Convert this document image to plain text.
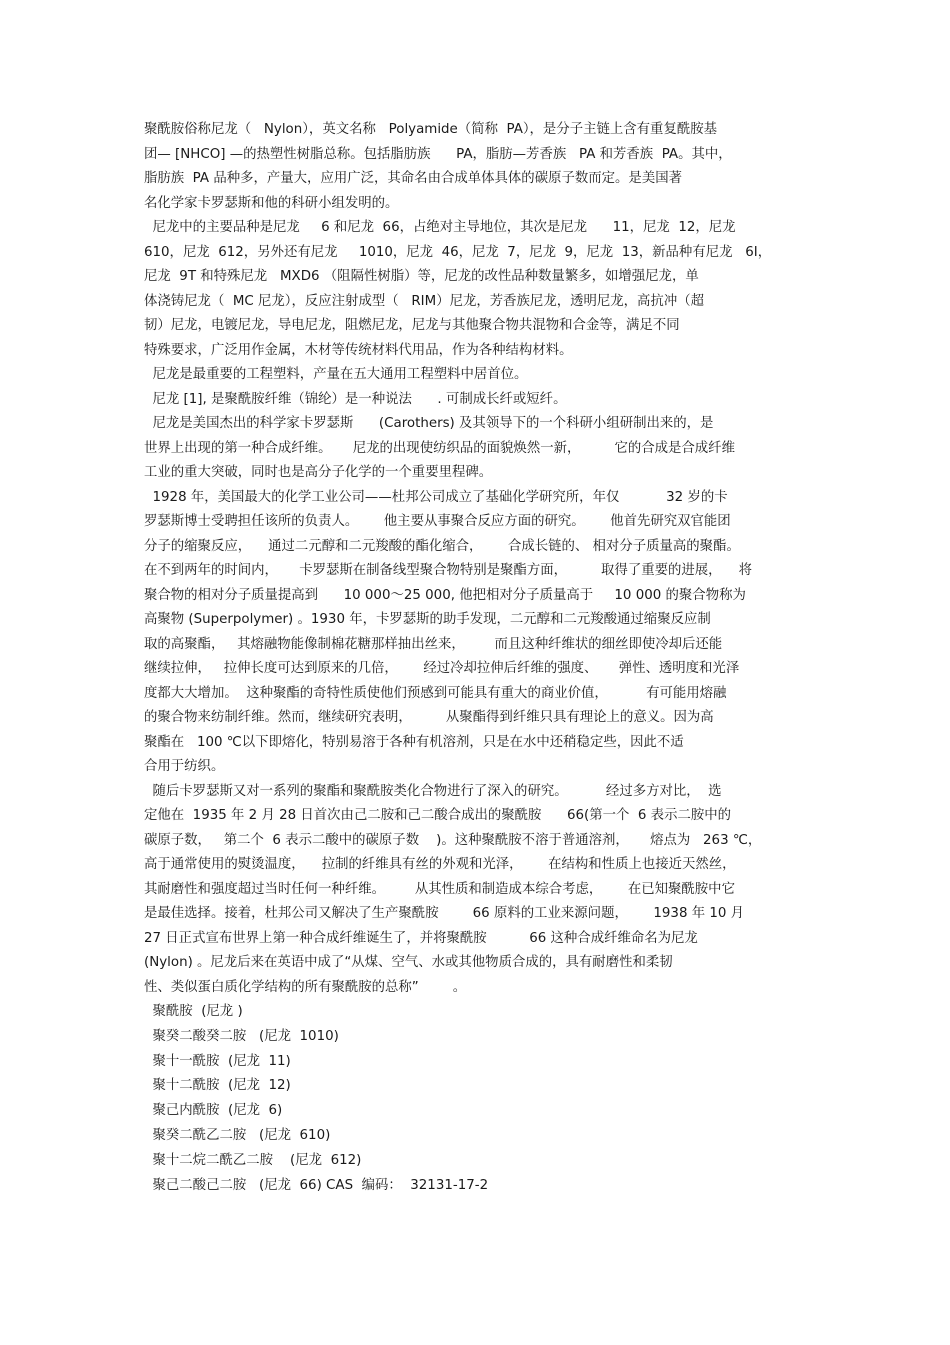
聚酰胺俗称尼龙（   Nylon），英文名称   Polyamide（简称  PA），是分子主链上含有重复酰胺基
团— [NHCO] —的热塑性树脂总称。包括脂肪族      PA，脂肪—芳香族   PA 和芳香族  PA。其中，
脂肪族  PA 品种多，产量大，应用广泛，其命名由合成单体具体的碳原子数而定。是美国著
名化学家卡罗瑟斯和他的科研小组发明的。
尼龙中的主要品种是尼龙     6 和尼龙  66，占绝对主导地位，其次是尼龙      11，尼龙  12，尼龙
610，尼龙  612，另外还有尼龙     1010，尼龙  46，尼龙  7，尼龙  9，尼龙  13，新品种有尼龙   6I，
尼龙  9T 和特殊尼龙   MXD6 （阻隔性树脂）等，尼龙的改性品种数量繁多，如增强尼龙，单
体浇铸尼龙（  MC 尼龙），反应注射成型（   RIM）尼龙，芳香族尼龙，透明尼龙，高抗冲（超
韧）尼龙，电镀尼龙，导电尼龙，阻燃尼龙，尼龙与其他聚合物共混物和合金等，满足不同
特殊要求，广泛用作金属，木材等传统材料代用品，作为各种结构材料。
尼龙是最重要的工程塑料，产量在五大通用工程塑料中居首位。
尼龙 [1], 是聚酰胺纤维（锦纶）是一种说法      . 可制成长纤或短纤。
尼龙是美国杰出的科学家卡罗瑟斯      (Carothers) 及其领导下的一个科研小组研制出来的，是
世界上出现的第一种合成纤维。     尼龙的出现使纺织品的面貌焕然一新，        它的合成是合成纤维
工业的重大突破，同时也是高分子化学的一个重要里程碑。
1928 年，美国最大的化学工业公司——杜邦公司成立了基础化学研究所，年仅           32 岁的卡
罗瑟斯博士受聘担任该所的负责人。      他主要从事聚合反应方面的研究。      他首先研究双官能团
分子的缩聚反应，    通过二元醇和二元羧酸的酯化缩合，      合成长链的、 相对分子质量高的聚酯。
在不到两年的时间内，     卡罗瑟斯在制备线型聚合物特别是聚酯方面，        取得了重要的进展，    将
聚合物的相对分子质量提高到      10 000～25 000, 他把相对分子质量高于     10 000 的聚合物称为
高聚物 (Superpolymer) 。1930 年，卡罗瑟斯的助手发现，二元醇和二元羧酸通过缩聚反应制
取的高聚酯，   其熔融物能像制棉花糖那样抽出丝来，       而且这种纤维状的细丝即使冷却后还能
继续拉伸，   拉伸长度可达到原来的几倍，      经过冷却拉伸后纤维的强度、     弹性、透明度和光泽
度都大大增加。  这种聚酯的奇特性质使他们预感到可能具有重大的商业价值，         有可能用熔融
的聚合物来纺制纤维。然而，继续研究表明，        从聚酯得到纤维只具有理论上的意义。因为高
聚酯在   100 ℃以下即熔化，特别易溶于各种有机溶剂，只是在水中还稍稳定些，因此不适
合用于纺织。
随后卡罗瑟斯又对一系列的聚酯和聚酰胺类化合物进行了深入的研究。         经过多方对比，  选
定他在  1935 年 2 月 28 日首次由己二胺和己二酸合成出的聚酰胺      66(第一个  6 表示二胺中的
碳原子数，   第二个  6 表示二酸中的碳原子数    )。这种聚酰胺不溶于普通溶剂，     熔点为   263 ℃，
高于通常使用的熨烫温度，    拉制的纤维具有丝的外观和光泽，      在结构和性质上也接近天然丝，
其耐磨性和强度超过当时任何一种纤维。       从其性质和制造成本综合考虑，      在已知聚酰胺中它
是最佳选择。接着，杜邦公司又解决了生产聚酰胺        66 原料的工业来源问题，      1938 年 10 月
27 日正式宣布世界上第一种合成纤维诞生了，并将聚酰胺          66 这种合成纤维命名为尼龙
(Nylon) 。尼龙后来在英语中成了“从煤、空气、水或其他物质合成的，具有耐磨性和柔韧
性、类似蛋白质化学结构的所有聚酰胺的总称”        。
聚酰胺  (尼龙 )
聚癸二酸癸二胺   (尼龙  1010)
聚十一酰胺  (尼龙  11)
聚十二酰胺  (尼龙  12)
聚己内酰胺  (尼龙  6)
聚癸二酰乙二胺   (尼龙  610)
聚十二烷二酰乙二胺    (尼龙  612)
聚己二酸己二胺   (尼龙  66) CAS  编码：  32131-17-2
